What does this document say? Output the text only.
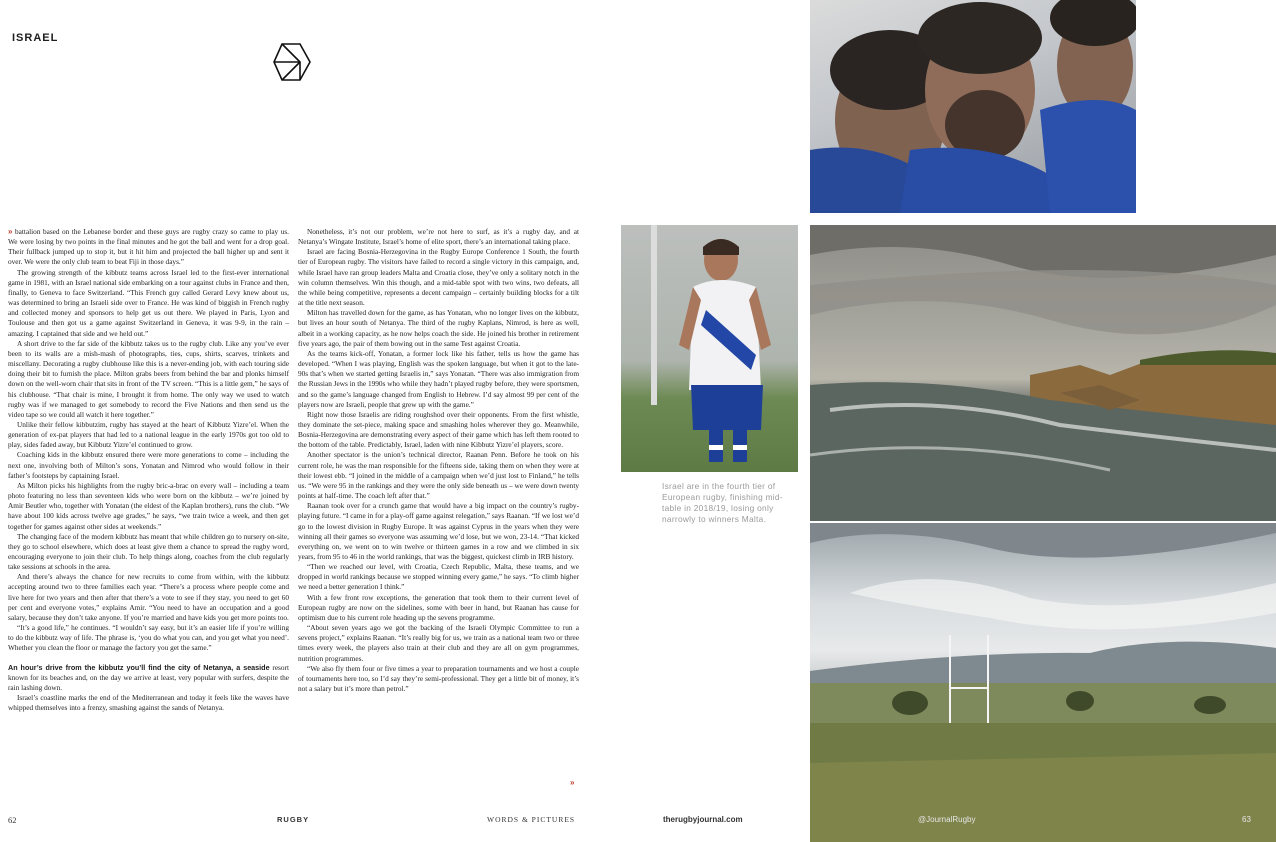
ISRAEL

» battalion based on the Lebanese border and these guys are rugby crazy so came to play us. We were losing by two points in the final minutes and he got the ball and went for a drop goal. Their fullback jumped up to stop it, but it hit him and projected the ball higher up and sent it over. We were the only club team to beat Fiji in those days.”

The growing strength of the kibbutz teams across Israel led to the first-ever international game in 1981, with an Israel national side embarking on a tour against clubs in France and then, finally, to Geneva to face Switzerland. “This French guy called Gerard Levy knew about us, was determined to bring an Israeli side over to France. He was kind of biggish in French rugby and collected money and sponsors to help get us out there. We played in Paris, Lyon and Toulouse and then got us a game against Switzerland in Geneva, it was 9-9, in the rain – amazing. I captained that side and we held out.”

A short drive to the far side of the kibbutz takes us to the rugby club. Like any you’ve ever been to its walls are a mish-mash of photographs, ties, cups, shirts, scarves, trinkets and miscellany. Decorating a rugby clubhouse like this is a never-ending job, with each touring side doing their bit to furnish the place. Milton grabs beers from behind the bar and plonks himself down on the well-worn chair that sits in front of the TV screen. “This is a little gem,” he says of his clubhouse. “That chair is mine, I brought it from home. The only way we used to watch rugby was if we managed to get somebody to record the Five Nations and then send us the video tape so we could all watch it here together.”

Unlike their fellow kibbutzim, rugby has stayed at the heart of Kibbutz Yizre’el. When the generation of ex-pat players that had led to a national league in the early 1970s got too old to play, sides faded away, but Kibbutz Yizre’el continued to grow.

Coaching kids in the kibbutz ensured there were more generations to come – including the next one, involving both of Milton’s sons, Yonatan and Nimrod who would follow in their father’s footsteps by captaining Israel.

As Milton picks his highlights from the rugby bric-a-brac on every wall – including a team photo featuring no less than seventeen kids who were born on the kibbutz – we’re joined by Amir Beutler who, together with Yonatan (the eldest of the Kaplan brothers), runs the club. “We have about 100 kids across twelve age grades,” he says, “we train twice a week, and then get together for games against other sides at weekends.”

The changing face of the modern kibbutz has meant that while children go to nursery on-site, they go to school elsewhere, which does at least give them a chance to spread the rugby word, encouraging everyone to join their club. To help things along, coaches from the club regularly take sessions at schools in the area.

And there’s always the chance for new recruits to come from within, with the kibbutz accepting around two to three families each year. “There’s a process where people come and live here for two years and then after that there’s a vote to see if they stay, you need to get 60 per cent and everyone votes,” explains Amir. “You need to have an occupation and a good salary, because they don’t take anyone. If you’re married and have kids you get more points too.

“It’s a good life,” he continues. “I wouldn’t say easy, but it’s an easier life if you’re willing to do the kibbutz way of life. The phrase is, ‘you do what you can, and you get what you need’. Whether you clean the floor or manage the factory you get the same.”

An hour’s drive from the kibbutz you’ll find the city of Netanya, a seaside resort known for its beaches and, on the day we arrive at least, very popular with surfers, despite the rain lashing down.

Israel’s coastline marks the end of the Mediterranean and today it feels like the waves have whipped themselves into a frenzy, smashing against the sands of Netanya.

Nonetheless, it’s not our problem, we’re not here to surf, as it’s a rugby day, and at Netanya’s Wingate Institute, Israel’s home of elite sport, there’s an international taking place.

Israel are facing Bosnia-Herzegovina in the Rugby Europe Conference 1 South, the fourth tier of European rugby. The visitors have failed to record a single victory in this campaign, and, while Israel have ran group leaders Malta and Croatia close, they’ve only a solitary notch in the win column themselves. Win this though, and a mid-table spot with two wins, two defeats, all the while being competitive, represents a decent campaign – certainly building blocks for a tilt at the title next season.

Milton has travelled down for the game, as has Yonatan, who no longer lives on the kibbutz, but lives an hour south of Netanya. The third of the rugby Kaplans, Nimrod, is here as well, albeit in a working capacity, as he now helps coach the side. He joined his brother in retirement five years ago, the pair of them bowing out in the same Test against Croatia.

As the teams kick-off, Yonatan, a former lock like his father, tells us how the game has developed. “When I was playing, English was the spoken language, but when it got to the late-90s that’s when we started getting Israelis in,” says Yonatan. “There was also immigration from the Russian Jews in the 1990s who while they hadn’t played rugby before, they were sportsmen, and so the game’s language changed from English to Hebrew. I’d say almost 99 per cent of the players now are Israeli, people that grew up with the game.”

Right now those Israelis are riding roughshod over their opponents. From the first whistle, they dominate the set-piece, making space and smashing holes wherever they go. Meanwhile, Bosnia-Herzegovina are demonstrating every aspect of their game which has left them rooted to the bottom of the table. Predictably, Israel, laden with nine Kibbutz Yizre’el players, score.

Another spectator is the union’s technical director, Raanan Penn. Before he took on his current role, he was the man responsible for the fifteens side, taking them on when they were at their lowest ebb. “I joined in the middle of a campaign when we’d just lost to Finland,” he tells us. “We were 95 in the rankings and they were the only side beneath us – we were down twenty points at half-time. The coach left after that.”

Raanan took over for a crunch game that would have a big impact on the country’s rugby-playing future. “I came in for a play-off game against relegation,” says Raanan. “If we lost we’d go to the lowest division in Rugby Europe. It was against Cyprus in the years when they were winning all their games so everyone was assuming we’d lose, but we won, 23-14. “That kicked everything on, we went on to win twelve or thirteen games in a row and we climbed in six years, from 95 to 46 in the world rankings, that was the biggest, quickest climb in IRB history.

“Then we reached our level, with Croatia, Czech Republic, Malta, these teams, and we dropped in world rankings because we stopped winning every game,” he says. “To climb higher we need a better generation I think.”

With a few front row exceptions, the generation that took them to their current level of European rugby are now on the sidelines, some with beer in hand, but Raanan has cause for optimism due to his current role heading up the sevens programme.

“About seven years ago we got the backing of the Israeli Olympic Committee to run a sevens project,” explains Raanan. “It’s really big for us, we train as a national team two or three times every week, the players also train at their club and they are all on gym programmes, nutrition programmes.

“We also fly them four or five times a year to preparation tournaments and we host a couple of tournaments here too, so I’d say they’re semi-professional. They get a little bit of money, it’s not a salary but it’s more than petrol.”

»
Israel are in the fourth tier of European rugby, finishing mid-table in 2018/19, losing only narrowly to winners Malta.
62	RUGBY	WORDS & PICTURES	therugbyjournal.com	@JournalRugby	63
